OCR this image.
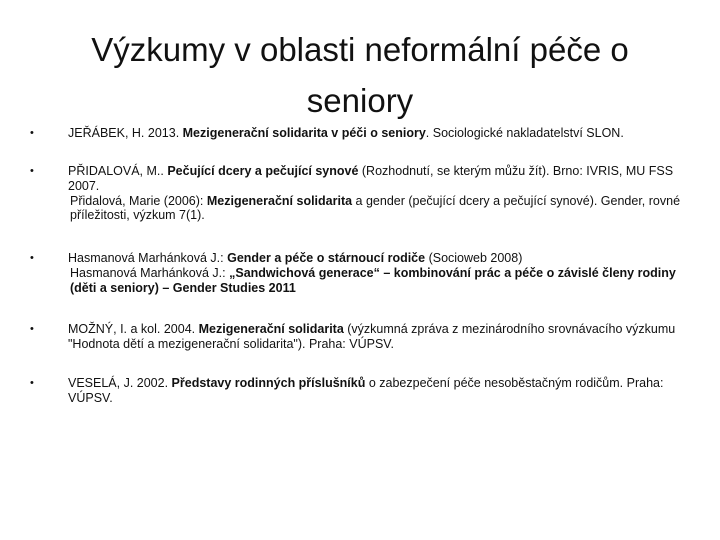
Výzkumy v oblasti neformální péče o seniory
•	JEŘÁBEK, H. 2013. Mezigenerační solidarita v péči o seniory. Sociologické nakladatelství SLON.
•	PŘIDALOVÁ, M.. Pečující dcery a pečující synové (Rozhodnutí, se kterým můžu žít). Brno: IVRIS, MU FSS 2007.
Přidalová, Marie (2006): Mezigenerační solidarita a gender (pečující dcery a pečující synové). Gender, rovné příležitosti, výzkum 7(1).
•	Hasmanová Marhánková J.: Gender a péče o stárnoucí rodiče (Socioweb 2008)
Hasmanová Marhánková J.: „Sandwichová generace“ – kombinování prác a péče o závislé členy rodiny (děti a seniory) – Gender Studies 2011
•	MOŽNÝ, I. a kol. 2004. Mezigenerační solidarita (výzkumná zpráva z mezinárodního srovnávacího výzkumu "Hodnota dětí a mezigenerační solidarita"). Praha: VÚPSV.
•	VESELÁ, J. 2002. Představy rodinných příslušníků o zabezpečení péče nesoběstačným rodičům. Praha: VÚPSV.
